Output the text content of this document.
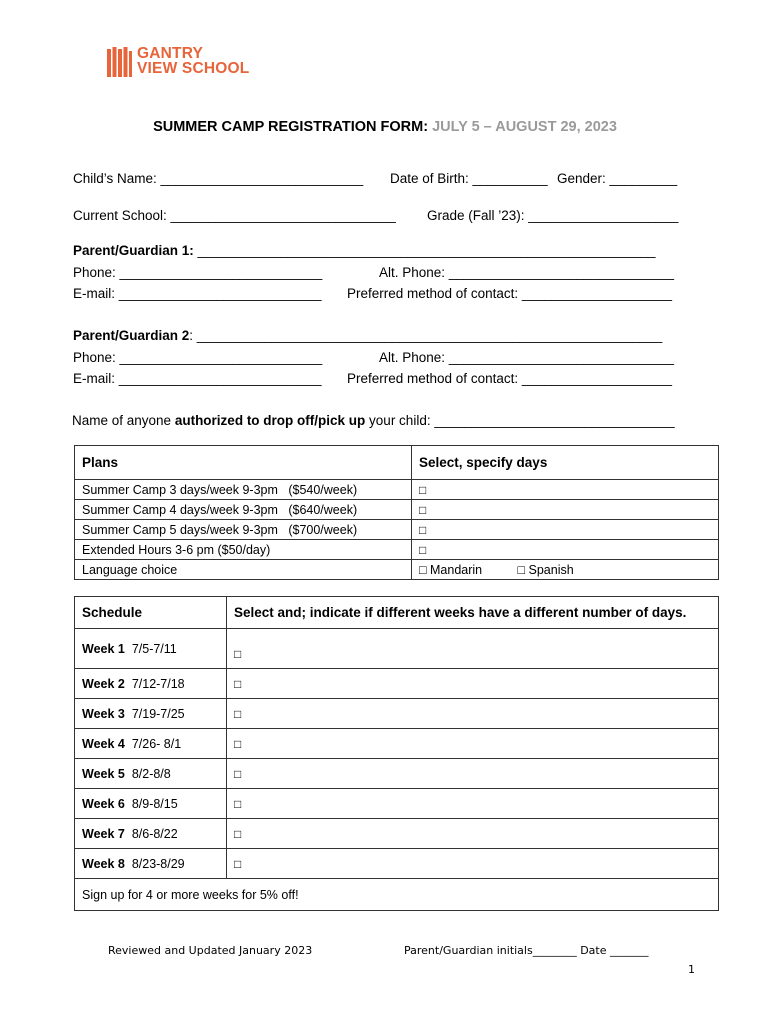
GANTRY
VIEW SCHOOL
SUMMER CAMP REGISTRATION FORM: JULY 5 – AUGUST 29, 2023
Child’s Name: ___________________________ Date of Birth: __________ Gender: _________
Current School: ______________________________ Grade (Fall ’23): ____________________
Parent/Guardian 1: _____________________________________________________________
Phone: ___________________________	Alt. Phone: ______________________________
E-mail: ___________________________ Preferred method of contact: ____________________
Parent/Guardian 2: ______________________________________________________________
Phone: ___________________________	Alt. Phone: ______________________________
E-mail: ___________________________ Preferred method of contact: ____________________
Name of anyone authorized to drop off/pick up your child: ________________________________
Plans	Select, specify days
Summer Camp 3 days/week 9-3pm   ($540/week)	□
Summer Camp 4 days/week 9-3pm   ($640/week)	□
Summer Camp 5 days/week 9-3pm   ($700/week)	□
Extended Hours 3-6 pm ($50/day)	□
Language choice	□ Mandarin □ Spanish
Schedule	Select and; indicate if different weeks have a different number of days.
Week 1 7/5-7/11	□
Week 2 7/12-7/18	□
Week 3 7/19-7/25	□
Week 4 7/26- 8/1	□
Week 5 8/2-8/8	□
Week 6 8/9-8/15	□
Week 7 8/6-8/22	□
Week 8 8/23-8/29	□
Sign up for 4 or more weeks for 5% off!	
Reviewed and Updated January 2023	Parent/Guardian initials________ Date _______
1
